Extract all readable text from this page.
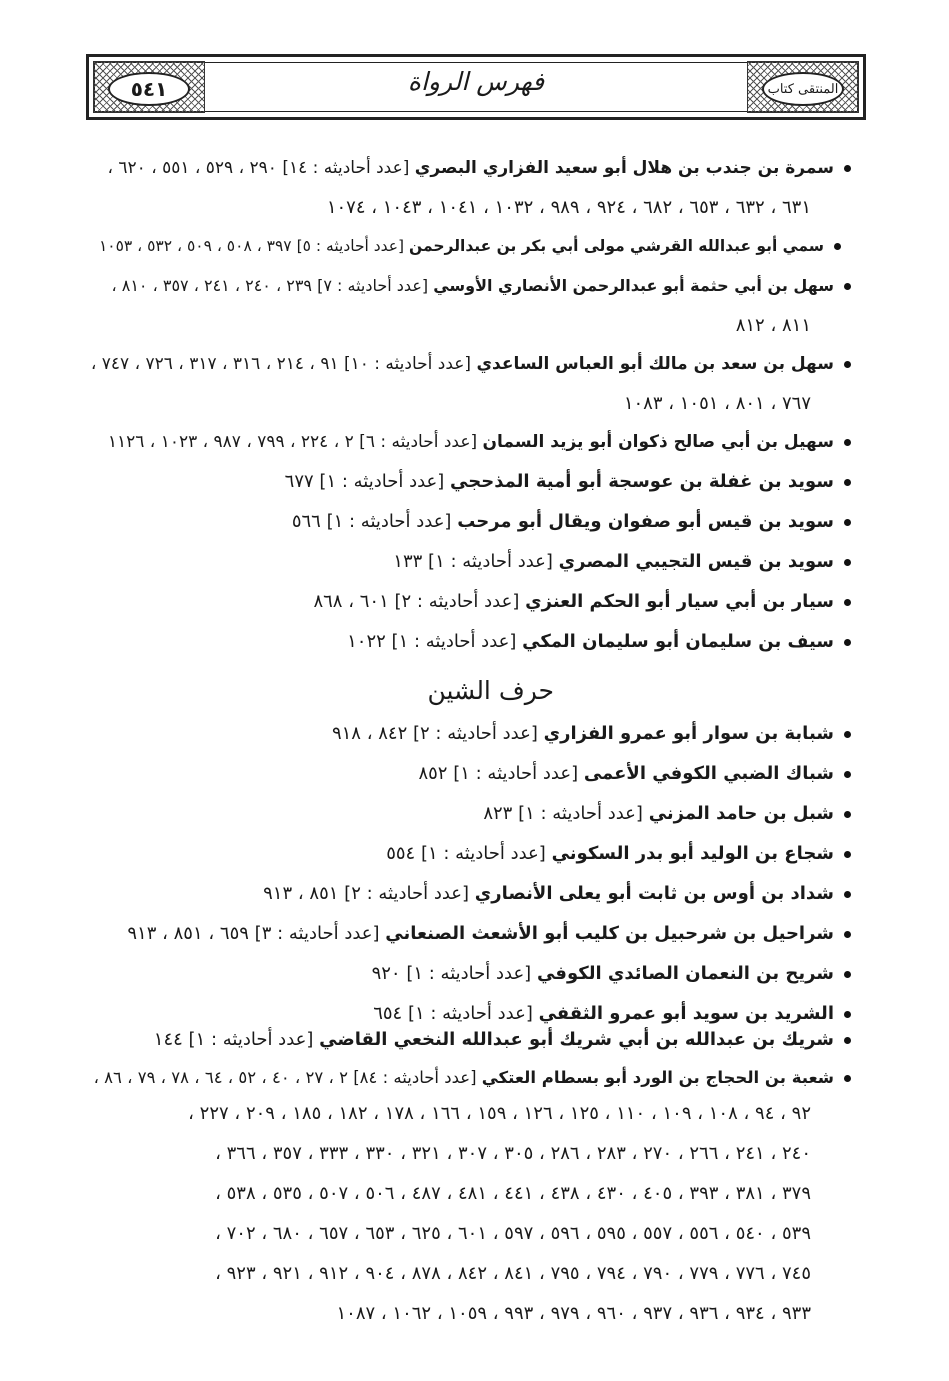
٥٤١	فهرس الرواة	المنتقى كتاب
سمرة بن جندب بن هلال أبو سعيد الفزاري البصري [عدد أحاديثه : ١٤] ٢٩٠ ، ٥٢٩ ، ٥٥١ ، ٦٢٠ ،
٦٣١ ، ٦٣٢ ، ٦٥٣ ، ٦٨٢ ، ٩٢٤ ، ٩٨٩ ، ١٠٣٢ ، ١٠٤١ ، ١٠٤٣ ، ١٠٧٤
سمي أبو عبدالله القرشي مولى أبي بكر بن عبدالرحمن [عدد أحاديثه : ٥] ٣٩٧ ، ٥٠٨ ، ٥٠٩ ، ٥٣٢ ، ١٠٥٣
سهل بن أبي حثمة أبو عبدالرحمن الأنصاري الأوسي [عدد أحاديثه : ٧] ٢٣٩ ، ٢٤٠ ، ٢٤١ ، ٣٥٧ ، ٨١٠ ،
٨١١ ، ٨١٢
سهل بن سعد بن مالك أبو العباس الساعدي [عدد أحاديثه : ١٠] ٩١ ، ٢١٤ ، ٣١٦ ، ٣١٧ ، ٧٢٦ ، ٧٤٧ ،
٧٦٧ ، ٨٠١ ، ١٠٥١ ، ١٠٨٣
سهيل بن أبي صالح ذكوان أبو يزيد السمان [عدد أحاديثه : ٦] ٢ ، ٢٢٤ ، ٧٩٩ ، ٩٨٧ ، ١٠٢٣ ، ١١٢٦
سويد بن غفلة بن عوسجة أبو أمية المذحجي [عدد أحاديثه : ١] ٦٧٧
سويد بن قيس أبو صفوان ويقال أبو مرحب [عدد أحاديثه : ١] ٥٦٦
سويد بن قيس التجيبي المصري [عدد أحاديثه : ١] ١٣٣
سيار بن أبي سيار أبو الحكم العنزي [عدد أحاديثه : ٢] ٦٠١ ، ٨٦٨
سيف بن سليمان أبو سليمان المكي [عدد أحاديثه : ١] ١٠٢٢
حرف الشين
شبابة بن سوار أبو عمرو الفزاري [عدد أحاديثه : ٢] ٨٤٢ ، ٩١٨
شباك الضبي الكوفي الأعمى [عدد أحاديثه : ١] ٨٥٢
شبل بن حامد المزني [عدد أحاديثه : ١] ٨٢٣
شجاع بن الوليد أبو بدر السكوني [عدد أحاديثه : ١] ٥٥٤
شداد بن أوس بن ثابت أبو يعلى الأنصاري [عدد أحاديثه : ٢] ٨٥١ ، ٩١٣
شراحيل بن شرحبيل بن كليب أبو الأشعث الصنعاني [عدد أحاديثه : ٣] ٦٥٩ ، ٨٥١ ، ٩١٣
شريح بن النعمان الصائدي الكوفي [عدد أحاديثه : ١] ٩٢٠
الشريد بن سويد أبو عمرو الثقفي [عدد أحاديثه : ١] ٦٥٤
شريك بن عبدالله بن أبي شريك أبو عبدالله النخعي القاضي [عدد أحاديثه : ١] ١٤٤
شعبة بن الحجاج بن الورد أبو بسطام العتكي [عدد أحاديثه : ٨٤] ٢ ، ٢٧ ، ٤٠ ، ٥٢ ، ٦٤ ، ٧٨ ، ٧٩ ، ٨٦ ،
٩٢ ، ٩٤ ، ١٠٨ ، ١٠٩ ، ١١٠ ، ١٢٥ ، ١٢٦ ، ١٥٩ ، ١٦٦ ، ١٧٨ ، ١٨٢ ، ١٨٥ ، ٢٠٩ ، ٢٢٧ ،
٢٤٠ ، ٢٤١ ، ٢٦٦ ، ٢٧٠ ، ٢٨٣ ، ٢٨٦ ، ٣٠٥ ، ٣٠٧ ، ٣٢١ ، ٣٣٠ ، ٣٣٣ ، ٣٥٧ ، ٣٦٦ ،
٣٧٩ ، ٣٨١ ، ٣٩٣ ، ٤٠٥ ، ٤٣٠ ، ٤٣٨ ، ٤٤١ ، ٤٨١ ، ٤٨٧ ، ٥٠٦ ، ٥٠٧ ، ٥٣٥ ، ٥٣٨ ،
٥٣٩ ، ٥٤٠ ، ٥٥٦ ، ٥٥٧ ، ٥٩٥ ، ٥٩٦ ، ٥٩٧ ، ٦٠١ ، ٦٢٥ ، ٦٥٣ ، ٦٥٧ ، ٦٨٠ ، ٧٠٢ ،
٧٤٥ ، ٧٧٦ ، ٧٧٩ ، ٧٩٠ ، ٧٩٤ ، ٧٩٥ ، ٨٤١ ، ٨٤٢ ، ٨٧٨ ، ٩٠٤ ، ٩١٢ ، ٩٢١ ، ٩٢٣ ،
٩٣٣ ، ٩٣٤ ، ٩٣٦ ، ٩٣٧ ، ٩٦٠ ، ٩٧٩ ، ٩٩٣ ، ١٠٥٩ ، ١٠٦٢ ، ١٠٨٧
